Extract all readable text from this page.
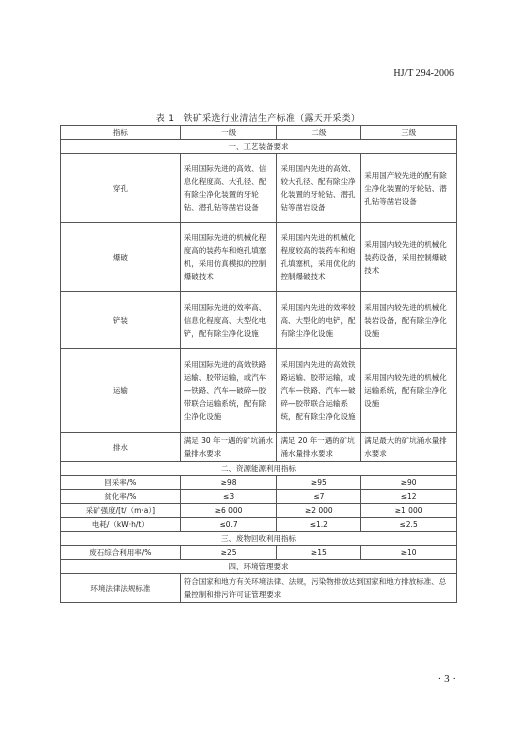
HJ/T 294-2006
表 1　铁矿采选行业清洁生产标准（露天开采类）
指标	一级	二级	三级
一、工艺装备要求			
穿孔	采用国际先进的高效、信息化程度高、大孔径、配有除尘净化装置的牙轮钻、潜孔钻等凿岩设备	采用国内先进的高效、较大孔径、配有除尘净化装置的牙轮钻、潜孔钻等凿岩设备	采用国产较先进的配有除尘净化装置的牙轮钻、潜孔钻等凿岩设备
爆破	采用国际先进的机械化程度高的装药车和炮孔填塞机，采用仿真模拟的控制爆破技术	采用国内先进的机械化程度较高的装药车和炮孔填塞机，采用优化的控制爆破技术	采用国内较先进的机械化装药设备，采用控制爆破技术
铲装	采用国际先进的效率高、信息化程度高、大型化电铲，配有除尘净化设施	采用国内先进的效率较高、大型化的电铲，配有除尘净化设施	采用国内较先进的机械化装岩设备，配有除尘净化设施
运输	采用国际先进的高效铁路运输、胶带运输，或汽车—铁路、汽车—破碎—胶带联合运输系统，配有除尘净化设施	采用国内先进的高效铁路运输、胶带运输，或汽车—铁路、汽车—破碎—胶带联合运输系统，配有除尘净化设施	采用国内较先进的机械化运输系统，配有除尘净化设施
排水	满足 30 年一遇的矿坑涌水量排水要求	满足 20 年一遇的矿坑涌水量排水要求	满足最大的矿坑涌水量排水要求
二、资源能源利用指标			
回采率/%	≥98	≥95	≥90
贫化率/%	≤3	≤7	≤12
采矿强度/[t/（m·a）]	≥6 000	≥2 000	≥1 000
电耗/（kW·h/t）	≤0.7	≤1.2	≤2.5
三、废物回收利用指标			
废石综合利用率/%	≥25	≥15	≥10
四、环境管理要求			
环境法律法规标准	符合国家和地方有关环境法律、法规，污染物排放达到国家和地方排放标准、总量控制和排污许可证管理要求		
· 3 ·
